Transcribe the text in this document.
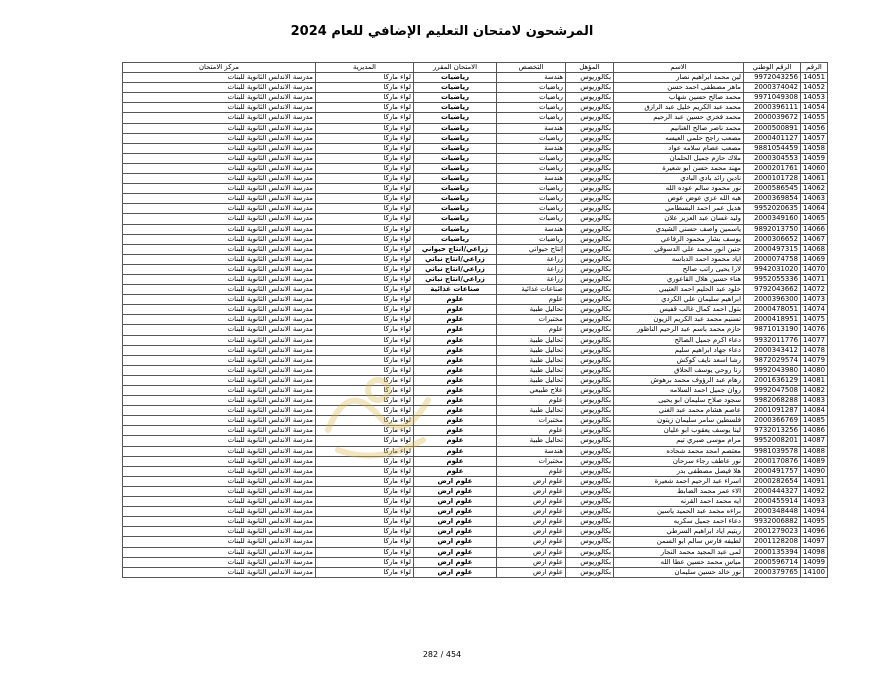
المرشحون لامتحان التعليم الإضافي للعام 2024
الرقم	الرقم الوطني	الاسم	المؤهل	التخصص	الامتحان المقرر	المديرية	مركز الامتحان
14051	9972043256	لين محمد ابراهيم نصار	بكالوريوس	هندسة	رياضيات	لواء ماركا	مدرسة الاندلس الثانوية للبنات
14052	2000374042	ماهر مصطفى احمد حسن	بكالوريوس	رياضيات	رياضيات	لواء ماركا	مدرسة الاندلس الثانوية للبنات
14053	9971049308	محمد صالح حسين شهاب	بكالوريوس	رياضيات	رياضيات	لواء ماركا	مدرسة الاندلس الثانوية للبنات
14054	2000396111	محمد عبد الكريم خليل عبد الرازق	بكالوريوس	رياضيات	رياضيات	لواء ماركا	مدرسة الاندلس الثانوية للبنات
14055	2000039672	محمد فخري حسين عبد الرحيم	بكالوريوس	رياضيات	رياضيات	لواء ماركا	مدرسة الاندلس الثانوية للبنات
14056	2000500891	محمد ناصر صالح الغنانيم	بكالوريوس	هندسة	رياضيات	لواء ماركا	مدرسة الاندلس الثانوية للبنات
14057	2000401127	مصعب راجح حلمي العيسه	بكالوريوس	رياضيات	رياضيات	لواء ماركا	مدرسة الاندلس الثانوية للبنات
14058	9881054459	مصعب عصام سلامه عواد	بكالوريوس	هندسة	رياضيات	لواء ماركا	مدرسة الاندلس الثانوية للبنات
14059	2000304553	ملاك حازم جميل الحلمان	بكالوريوس	رياضيات	رياضيات	لواء ماركا	مدرسة الاندلس الثانوية للبنات
14060	2000201761	مهند محمد حسن ابو شعيرة	بكالوريوس	رياضيات	رياضيات	لواء ماركا	مدرسة الاندلس الثانوية للبنات
14061	2000101728	نادين رائد بادي البادي	بكالوريوس	هندسة	رياضيات	لواء ماركا	مدرسة الاندلس الثانوية للبنات
14062	2000586545	نور محمود سالم عوده الله	بكالوريوس	رياضيات	رياضيات	لواء ماركا	مدرسة الاندلس الثانوية للبنات
14063	2000369854	هبه الله عزي عوض عوض	بكالوريوس	رياضيات	رياضيات	لواء ماركا	مدرسة الاندلس الثانوية للبنات
14064	9952020635	هديل عمر احمد البسطامي	بكالوريوس	رياضيات	رياضيات	لواء ماركا	مدرسة الاندلس الثانوية للبنات
14065	2000349160	وليد غسان عبد العزيز علان	بكالوريوس	رياضيات	رياضيات	لواء ماركا	مدرسة الاندلس الثانوية للبنات
14066	9892013750	ياسمين واصف حسني الشيدي	بكالوريوس	هندسة	رياضيات	لواء ماركا	مدرسة الاندلس الثانوية للبنات
14067	2000306652	يوسف بشار محمود الرفاعي	بكالوريوس	رياضيات	رياضيات	لواء ماركا	مدرسة الاندلس الثانوية للبنات
14068	2000497315	جنين انور محمد علي الدسوقي	بكالوريوس	إنتاج حيواني	زراعي/انتاج حيواني	لواء ماركا	مدرسة الاندلس الثانوية للبنات
14069	2000074758	اياد محمود احمد الدباسه	بكالوريوس	زراعة	زراعي/انتاج نباتي	لواء ماركا	مدرسة الاندلس الثانوية للبنات
14070	9942031020	لارا يحيى راتب صالح	بكالوريوس	زراعة	زراعي/انتاج نباتي	لواء ماركا	مدرسة الاندلس الثانوية للبنات
14071	9952055336	هناء حسين هلال القاعوري	بكالوريوس	زراعة	زراعي/انتاج نباتي	لواء ماركا	مدرسة الاندلس الثانوية للبنات
14072	9792043662	خلود عبد الحليم احمد العتيبي	بكالوريوس	صناعات غذائية	صناعات غذائية	لواء ماركا	مدرسة الاندلس الثانوية للبنات
14073	2000396300	ابراهيم سليمان علي الكردي	بكالوريوس	علوم	علوم	لواء ماركا	مدرسة الاندلس الثانوية للبنات
14074	2000478051	بتول احمد كمال غالب قفيس	بكالوريوس	تحاليل طبية	علوم	لواء ماركا	مدرسة الاندلس الثانوية للبنات
14075	2000418951	تسنيم محمد عبد الكريم الزيون	بكالوريوس	مختبرات	علوم	لواء ماركا	مدرسة الاندلس الثانوية للبنات
14076	9871013190	حازم محمد باسم عبد الرحيم الناظور	بكالوريوس	علوم	علوم	لواء ماركا	مدرسة الاندلس الثانوية للبنات
14077	9932011776	دعاء اكرم جميل الصالح	بكالوريوس	تحاليل طبية	علوم	لواء ماركا	مدرسة الاندلس الثانوية للبنات
14078	2000343412	دعاء جهاد ابراهيم سليم	بكالوريوس	تحاليل طبية	علوم	لواء ماركا	مدرسة الاندلس الثانوية للبنات
14079	9872029574	رشا اسعد نايف كوكش	بكالوريوس	تحاليل طبية	علوم	لواء ماركا	مدرسة الاندلس الثانوية للبنات
14080	9992043980	رنا روحي يوسف الحلاق	بكالوريوس	تحاليل طبية	علوم	لواء ماركا	مدرسة الاندلس الثانوية للبنات
14081	2001636129	رهام عبد الرؤوف محمد برهوش	بكالوريوس	تحاليل طبية	علوم	لواء ماركا	مدرسة الاندلس الثانوية للبنات
14082	9992047508	روان جميل احمد السلامه	بكالوريوس	علاج طبيعي	علوم	لواء ماركا	مدرسة الاندلس الثانوية للبنات
14083	9982068288	سجود صلاح سليمان ابو يحيى	بكالوريوس	علوم	علوم	لواء ماركا	مدرسة الاندلس الثانوية للبنات
14084	2001091287	عاصم هشام محمد عبد الغني	بكالوريوس	تحاليل طبية	علوم	لواء ماركا	مدرسة الاندلس الثانوية للبنات
14085	2000366769	فلسطين سامر سليمان زيتون	بكالوريوس	مختبرات	علوم	لواء ماركا	مدرسة الاندلس الثانوية للبنات
14086	9732013256	لينا يوسف يعقوب ابو عليان	بكالوريوس	علوم	علوم	لواء ماركا	مدرسة الاندلس الثانوية للبنات
14087	9952008201	مرام موسى صبري تيم	بكالوريوس	تحاليل طبية	علوم	لواء ماركا	مدرسة الاندلس الثانوية للبنات
14088	9981039578	معتصم امجد محمد شحاده	بكالوريوس	هندسة	علوم	لواء ماركا	مدرسة الاندلس الثانوية للبنات
14089	2000170876	نور عاطف رجاء سرحان	بكالوريوس	مختبرات	علوم	لواء ماركا	مدرسة الاندلس الثانوية للبنات
14090	2000491757	هلا فيصل مصطفى بدر	بكالوريوس	علوم	علوم	لواء ماركا	مدرسة الاندلس الثانوية للبنات
14091	2000282654	اسراء عبد الرحيم احمد شعيرة	بكالوريوس	علوم ارض	علوم ارض	لواء ماركا	مدرسة الاندلس الثانوية للبنات
14092	2000444327	الاء عمر محمد الضابط	بكالوريوس	علوم ارض	علوم ارض	لواء ماركا	مدرسة الاندلس الثانوية للبنات
14093	2000455914	ايه محمد احمد القرنه	بكالوريوس	علوم ارض	علوم ارض	لواء ماركا	مدرسة الاندلس الثانوية للبنات
14094	2000348448	براءه محمد عبد الحميد ياسين	بكالوريوس	علوم ارض	علوم ارض	لواء ماركا	مدرسة الاندلس الثانوية للبنات
14095	9932006882	دعاء احمد جميل سكريه	بكالوريوس	علوم ارض	علوم ارض	لواء ماركا	مدرسة الاندلس الثانوية للبنات
14096	2001279023	ريتيم اياد ابراهيم السرطي	بكالوريوس	علوم ارض	علوم ارض	لواء ماركا	مدرسة الاندلس الثانوية للبنات
14097	2001128208	لطيفه فارس سالم ابو السمن	بكالوريوس	علوم ارض	علوم ارض	لواء ماركا	مدرسة الاندلس الثانوية للبنات
14098	2000135394	لمى عبد المجيد محمد النجار	بكالوريوس	علوم ارض	علوم ارض	لواء ماركا	مدرسة الاندلس الثانوية للبنات
14099	2000596714	مياس محمد حسين عطا الله	بكالوريوس	علوم ارض	علوم ارض	لواء ماركا	مدرسة الاندلس الثانوية للبنات
14100	2000379765	نور خالد حسين سليمان	بكالوريوس	علوم ارض	علوم ارض	لواء ماركا	مدرسة الاندلس الثانوية للبنات
282 / 454
